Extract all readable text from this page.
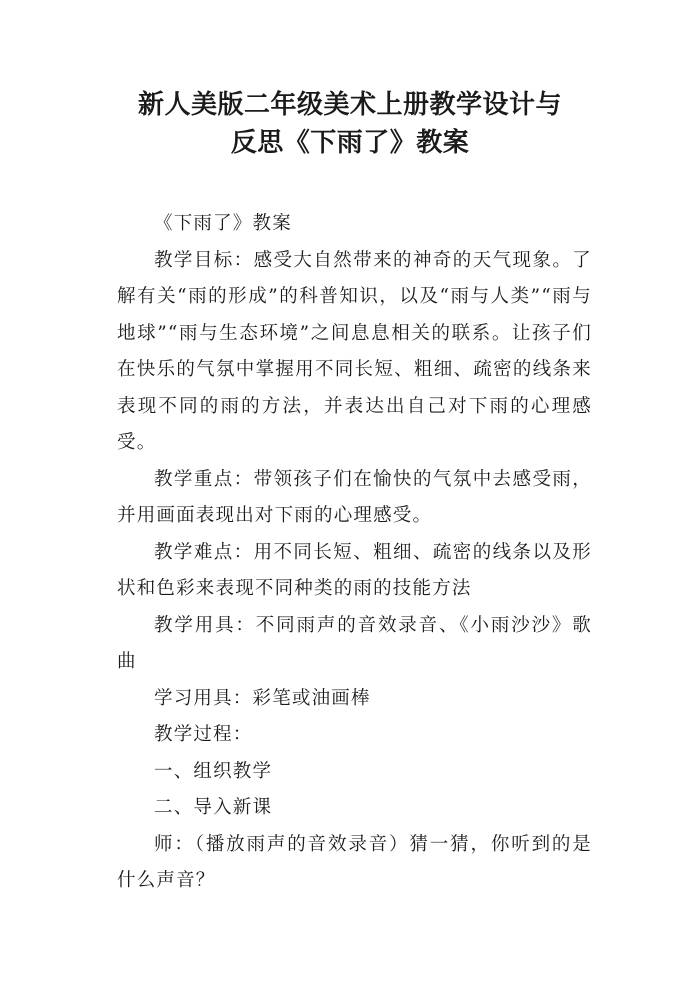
新人美版二年级美术上册教学设计与
反思《下雨了》教案

《下雨了》教案

教学目标：感受大自然带来的神奇的天气现象。了解有关“雨的形成”的科普知识，以及“雨与人类”“雨与地球”“雨与生态环境”之间息息相关的联系。让孩子们在快乐的气氛中掌握用不同长短、粗细、疏密的线条来表现不同的雨的方法，并表达出自己对下雨的心理感受。

教学重点：带领孩子们在愉快的气氛中去感受雨，并用画面表现出对下雨的心理感受。

教学难点：用不同长短、粗细、疏密的线条以及形状和色彩来表现不同种类的雨的技能方法

教学用具：不同雨声的音效录音、《小雨沙沙》歌曲

学习用具：彩笔或油画棒

教学过程：

一、组织教学

二、导入新课

师：（播放雨声的音效录音）猜一猜，你听到的是什么声音？
